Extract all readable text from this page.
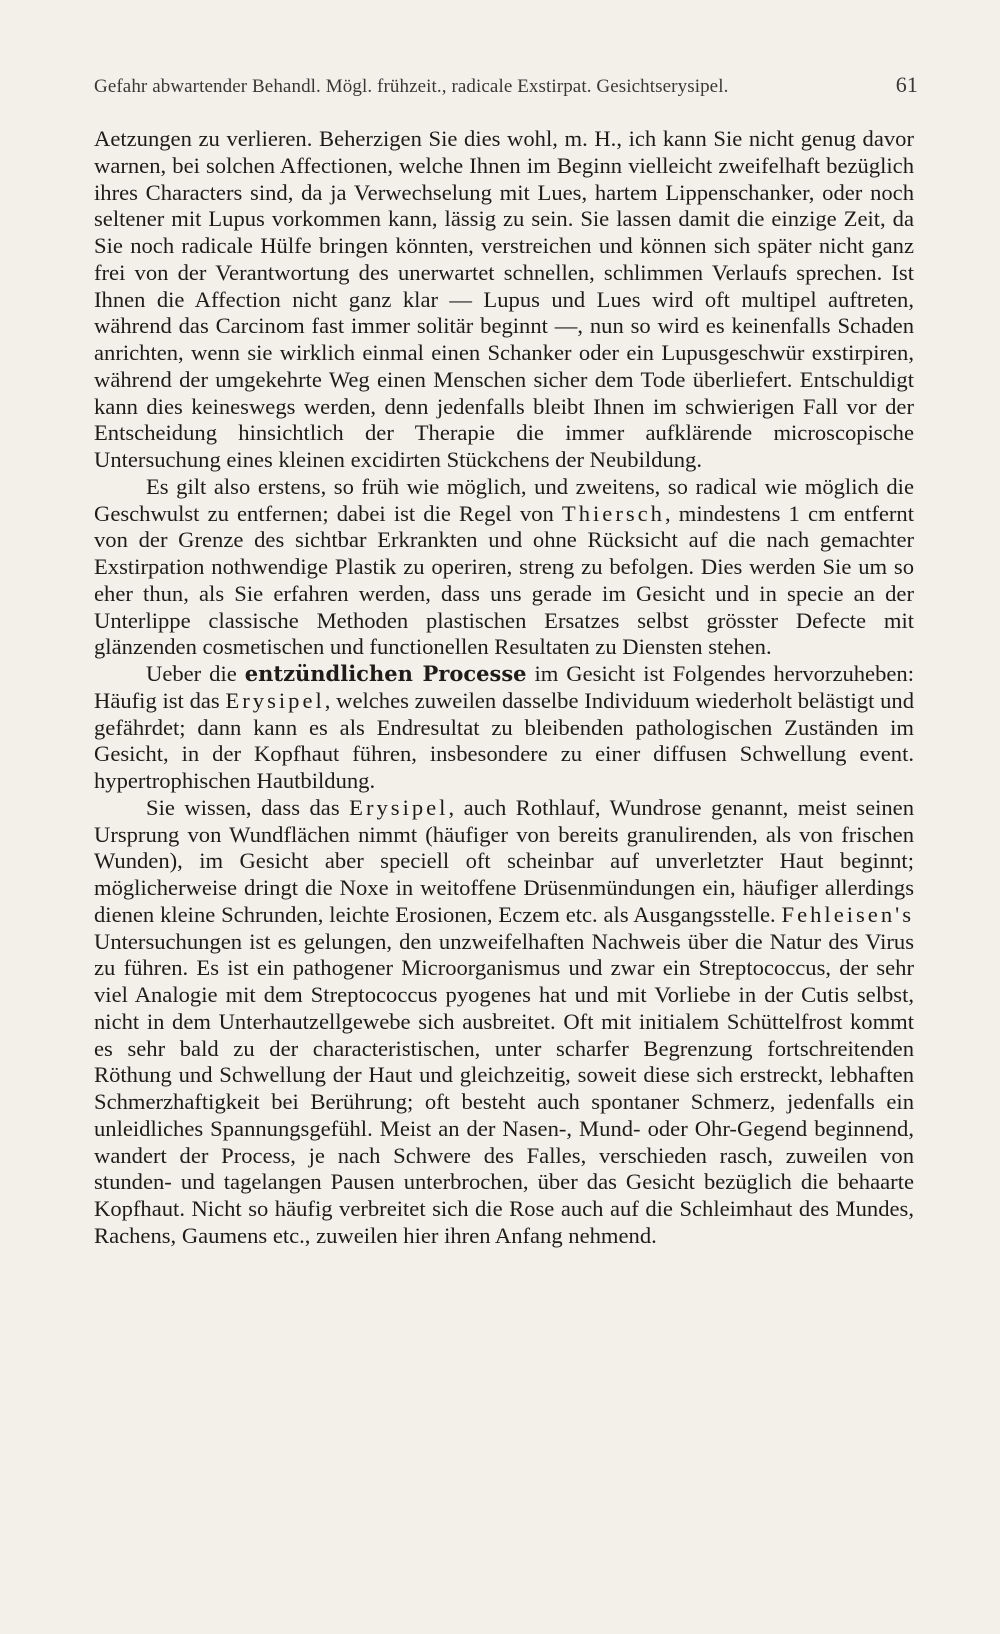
Gefahr abwartender Behandl. Mögl. frühzeit., radicale Exstirpat. Gesichtserysipel.	61

Aetzungen zu verlieren. Beherzigen Sie dies wohl, m. H., ich kann Sie nicht genug davor warnen, bei solchen Affectionen, welche Ihnen im Beginn vielleicht zweifelhaft bezüglich ihres Characters sind, da ja Verwechselung mit Lues, hartem Lippenschanker, oder noch seltener mit Lupus vorkommen kann, lässig zu sein. Sie lassen damit die einzige Zeit, da Sie noch radicale Hülfe bringen könnten, verstreichen und können sich später nicht ganz frei von der Verantwortung des unerwartet schnellen, schlimmen Verlaufs sprechen. Ist Ihnen die Affection nicht ganz klar — Lupus und Lues wird oft multipel auftreten, während das Carcinom fast immer solitär beginnt —, nun so wird es keinenfalls Schaden anrichten, wenn sie wirklich einmal einen Schanker oder ein Lupusgeschwür exstirpiren, während der umgekehrte Weg einen Menschen sicher dem Tode überliefert. Entschuldigt kann dies keineswegs werden, denn jedenfalls bleibt Ihnen im schwierigen Fall vor der Entscheidung hinsichtlich der Therapie die immer aufklärende microscopische Untersuchung eines kleinen excidirten Stückchens der Neubildung.

Es gilt also erstens, so früh wie möglich, und zweitens, so radical wie möglich die Geschwulst zu entfernen; dabei ist die Regel von Thiersch, mindestens 1 cm entfernt von der Grenze des sichtbar Erkrankten und ohne Rücksicht auf die nach gemachter Exstirpation nothwendige Plastik zu operiren, streng zu befolgen. Dies werden Sie um so eher thun, als Sie erfahren werden, dass uns gerade im Gesicht und in specie an der Unterlippe classische Methoden plastischen Ersatzes selbst grösster Defecte mit glänzenden cosmetischen und functionellen Resultaten zu Diensten stehen.

Ueber die entzündlichen Processe im Gesicht ist Folgendes hervorzuheben: Häufig ist das Erysipel, welches zuweilen dasselbe Individuum wiederholt belästigt und gefährdet; dann kann es als Endresultat zu bleibenden pathologischen Zuständen im Gesicht, in der Kopfhaut führen, insbesondere zu einer diffusen Schwellung event. hypertrophischen Hautbildung.

Sie wissen, dass das Erysipel, auch Rothlauf, Wundrose genannt, meist seinen Ursprung von Wundflächen nimmt (häufiger von bereits granulirenden, als von frischen Wunden), im Gesicht aber speciell oft scheinbar auf unverletzter Haut beginnt; möglicherweise dringt die Noxe in weitoffene Drüsenmündungen ein, häufiger allerdings dienen kleine Schrunden, leichte Erosionen, Eczem etc. als Ausgangsstelle. Fehleisen's Untersuchungen ist es gelungen, den unzweifelhaften Nachweis über die Natur des Virus zu führen. Es ist ein pathogener Microorganismus und zwar ein Streptococcus, der sehr viel Analogie mit dem Streptococcus pyogenes hat und mit Vorliebe in der Cutis selbst, nicht in dem Unterhautzellgewebe sich ausbreitet. Oft mit initialem Schüttelfrost kommt es sehr bald zu der characteristischen, unter scharfer Begrenzung fortschreitenden Röthung und Schwellung der Haut und gleichzeitig, soweit diese sich erstreckt, lebhaften Schmerzhaftigkeit bei Berührung; oft besteht auch spontaner Schmerz, jedenfalls ein unleidliches Spannungsgefühl. Meist an der Nasen-, Mund- oder Ohr-Gegend beginnend, wandert der Process, je nach Schwere des Falles, verschieden rasch, zuweilen von stunden- und tagelangen Pausen unterbrochen, über das Gesicht bezüglich die behaarte Kopfhaut. Nicht so häufig verbreitet sich die Rose auch auf die Schleimhaut des Mundes, Rachens, Gaumens etc., zuweilen hier ihren Anfang nehmend.
